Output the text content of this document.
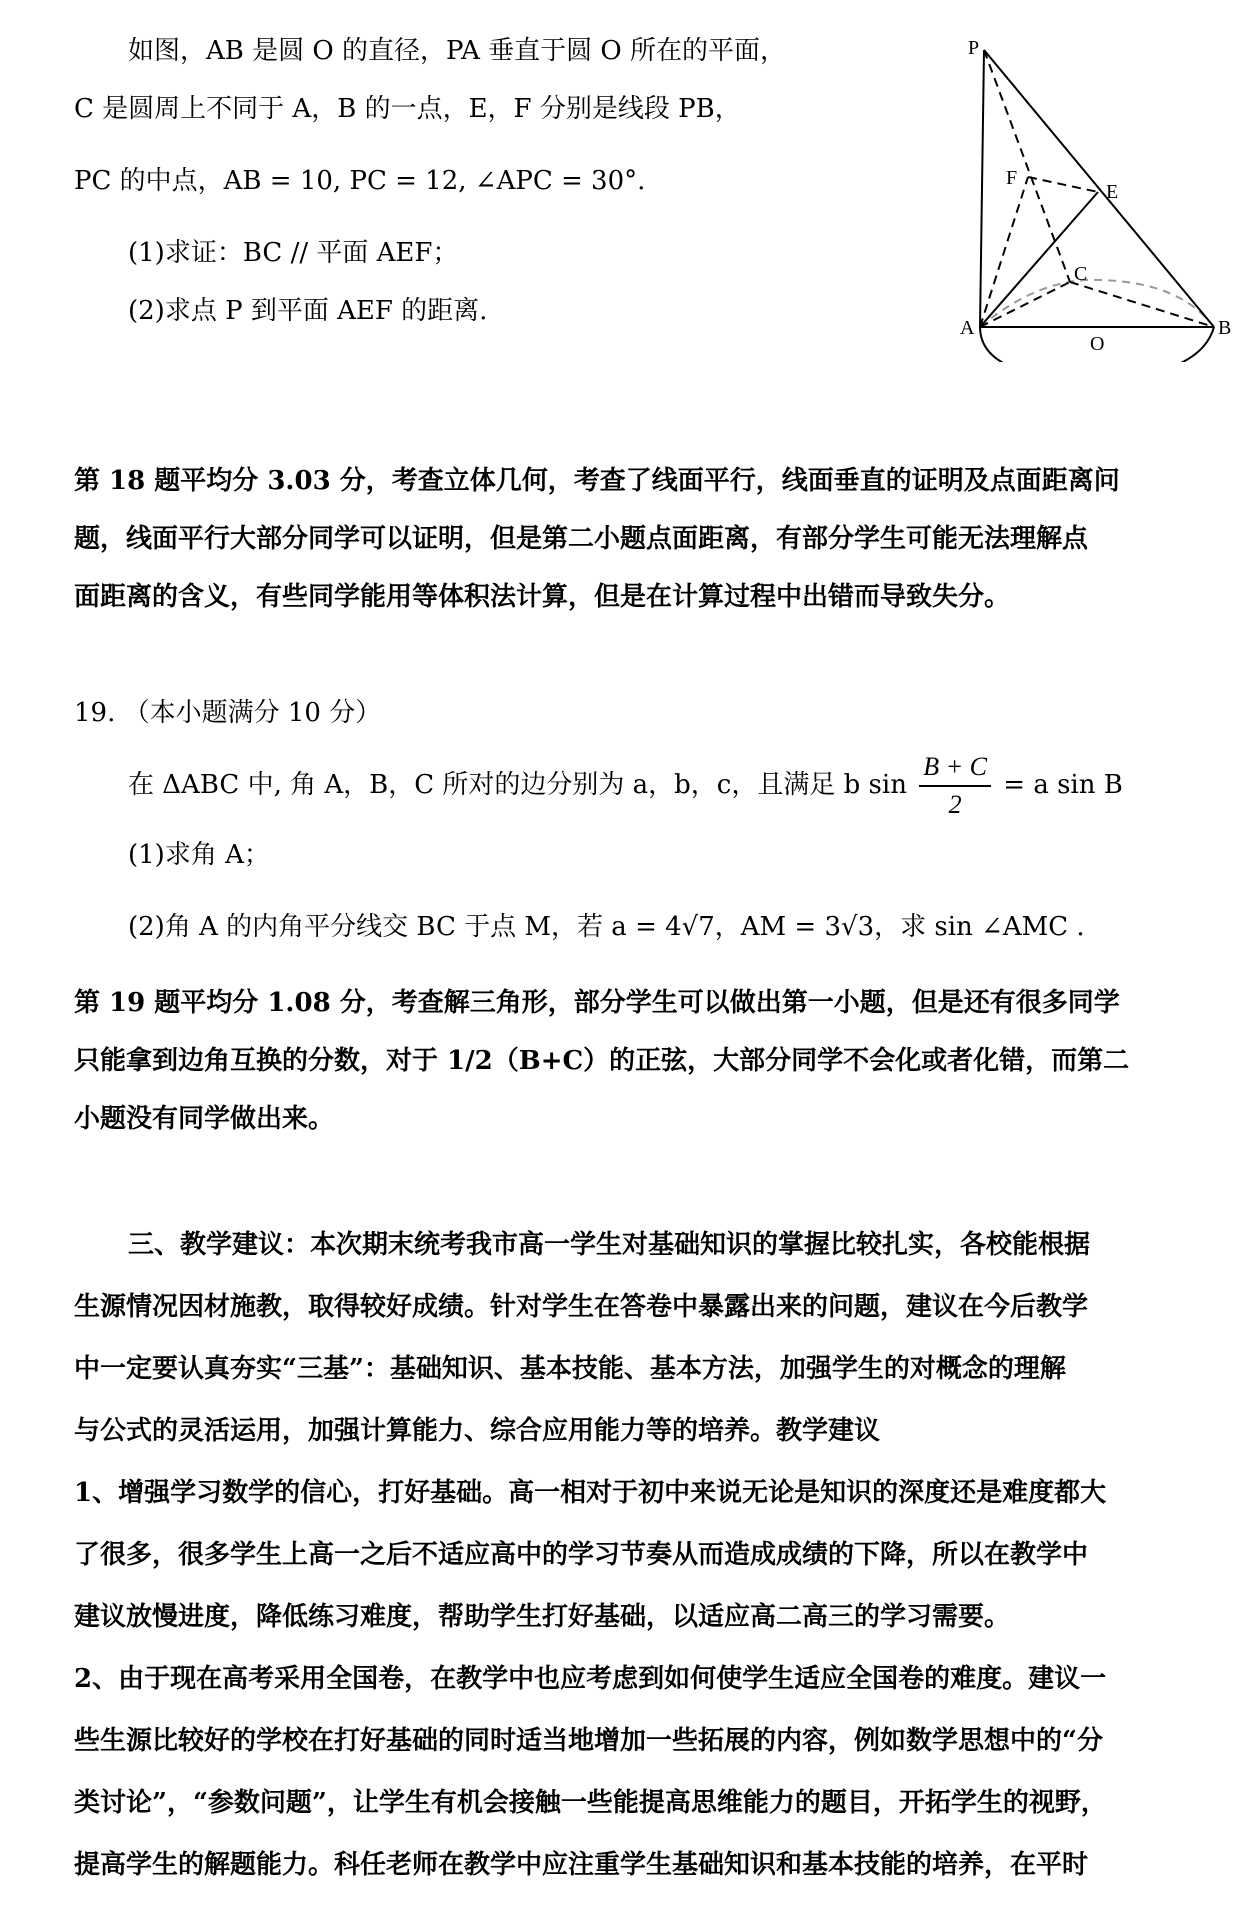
如图，AB 是圆 O 的直径，PA 垂直于圆 O 所在的平面，
C 是圆周上不同于 A，B 的一点，E，F 分别是线段 PB，
PC 的中点，AB = 10, PC = 12, ∠APC = 30°.
(1)求证：BC // 平面 AEF；
(2)求点 P 到平面 AEF 的距离.
P
F
E
C
A
O
B
第 18 题平均分 3.03 分，考查立体几何，考查了线面平行，线面垂直的证明及点面距离问
题，线面平行大部分同学可以证明，但是第二小题点面距离，有部分学生可能无法理解点
面距离的含义，有些同学能用等体积法计算，但是在计算过程中出错而导致失分。
19. （本小题满分 10 分）
在 ΔABC 中, 角 A，B，C 所对的边分别为 a，b，c，且满足 b $\sin \frac{B + C}{2} = a$ sin B
(1)求角 A；
(2)角 A 的内角平分线交 BC 于点 M，若 a = 4√7，AM = 3√3，求 sin ∠AMC .
第 19 题平均分 1.08 分，考查解三角形，部分学生可以做出第一小题，但是还有很多同学
只能拿到边角互换的分数，对于 1/2（B+C）的正弦，大部分同学不会化或者化错，而第二
小题没有同学做出来。
三、教学建议：本次期末统考我市高一学生对基础知识的掌握比较扎实，各校能根据
生源情况因材施教，取得较好成绩。针对学生在答卷中暴露出来的问题，建议在今后教学
中一定要认真夯实“三基”：基础知识、基本技能、基本方法，加强学生的对概念的理解
与公式的灵活运用，加强计算能力、综合应用能力等的培养。教学建议
1、增强学习数学的信心，打好基础。高一相对于初中来说无论是知识的深度还是难度都大
了很多，很多学生上高一之后不适应高中的学习节奏从而造成成绩的下降，所以在教学中
建议放慢进度，降低练习难度，帮助学生打好基础，以适应高二高三的学习需要。
2、由于现在高考采用全国卷，在教学中也应考虑到如何使学生适应全国卷的难度。建议一
些生源比较好的学校在打好基础的同时适当地增加一些拓展的内容，例如数学思想中的“分
类讨论”，“参数问题”，让学生有机会接触一些能提高思维能力的题目，开拓学生的视野，
提高学生的解题能力。科任老师在教学中应注重学生基础知识和基本技能的培养，在平时
